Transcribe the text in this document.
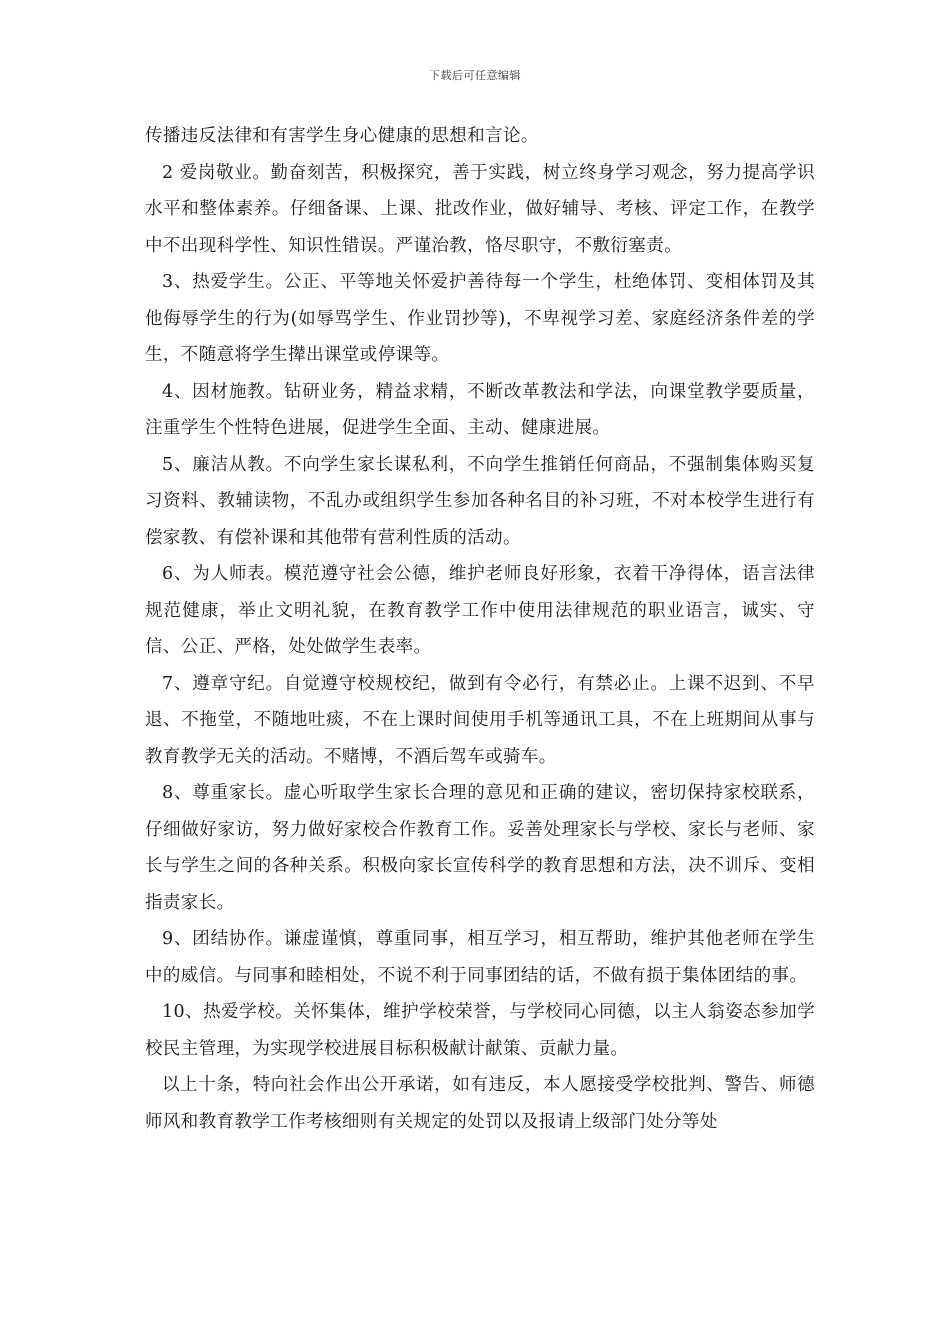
下载后可任意编辑

传播违反法律和有害学生身心健康的思想和言论。

2 爱岗敬业。勤奋刻苦，积极探究，善于实践，树立终身学习观念，努力提高学识水平和整体素养。仔细备课、上课、批改作业，做好辅导、考核、评定工作，在教学中不出现科学性、知识性错误。严谨治教，恪尽职守，不敷衍塞责。

3、热爱学生。公正、平等地关怀爱护善待每一个学生，杜绝体罚、变相体罚及其他侮辱学生的行为(如辱骂学生、作业罚抄等)，不卑视学习差、家庭经济条件差的学生，不随意将学生撵出课堂或停课等。

4、因材施教。钻研业务，精益求精，不断改革教法和学法，向课堂教学要质量，注重学生个性特色进展，促进学生全面、主动、健康进展。

5、廉洁从教。不向学生家长谋私利，不向学生推销任何商品，不强制集体购买复习资料、教辅读物，不乱办或组织学生参加各种名目的补习班，不对本校学生进行有偿家教、有偿补课和其他带有营利性质的活动。

6、为人师表。模范遵守社会公德，维护老师良好形象，衣着干净得体，语言法律规范健康，举止文明礼貌，在教育教学工作中使用法律规范的职业语言，诚实、守信、公正、严格，处处做学生表率。

7、遵章守纪。自觉遵守校规校纪，做到有令必行，有禁必止。上课不迟到、不早退、不拖堂，不随地吐痰，不在上课时间使用手机等通讯工具，不在上班期间从事与教育教学无关的活动。不赌博，不酒后驾车或骑车。

8、尊重家长。虚心听取学生家长合理的意见和正确的建议，密切保持家校联系，仔细做好家访，努力做好家校合作教育工作。妥善处理家长与学校、家长与老师、家长与学生之间的各种关系。积极向家长宣传科学的教育思想和方法，决不训斥、变相指责家长。

9、团结协作。谦虚谨慎，尊重同事，相互学习，相互帮助，维护其他老师在学生中的威信。与同事和睦相处，不说不利于同事团结的话，不做有损于集体团结的事。

10、热爱学校。关怀集体，维护学校荣誉，与学校同心同德，以主人翁姿态参加学校民主管理，为实现学校进展目标积极献计献策、贡献力量。

以上十条，特向社会作出公开承诺，如有违反，本人愿接受学校批判、警告、师德师风和教育教学工作考核细则有关规定的处罚以及报请上级部门处分等处
